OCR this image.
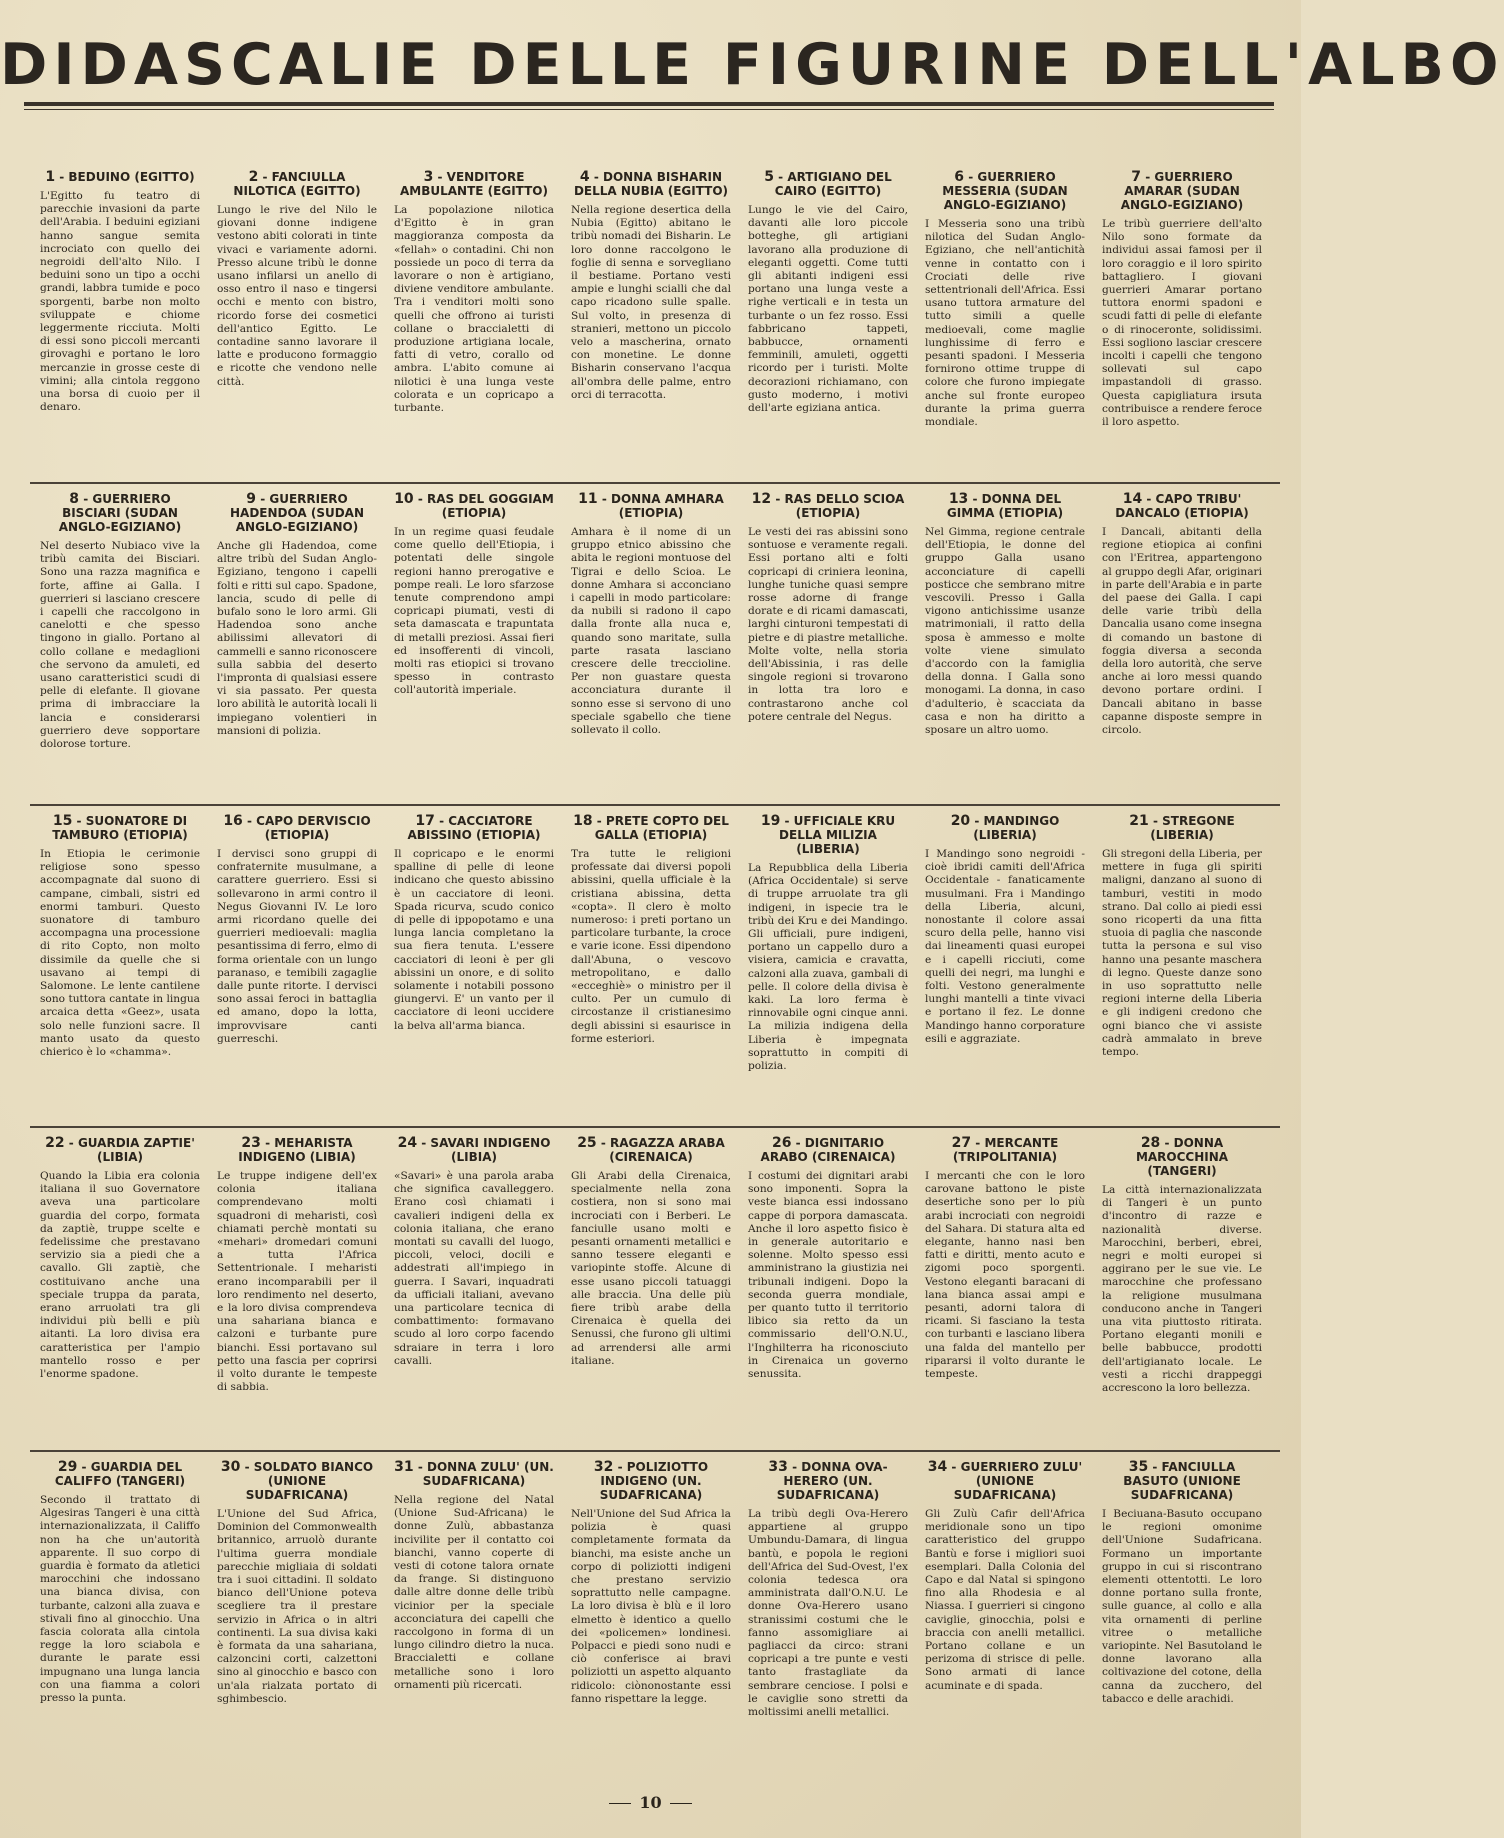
DIDASCALIE DELLE FIGURINE DELL'ALBO
1 - BEDUINO (EGITTO)
L'Egitto fu teatro di parecchie invasioni da parte dell'Arabia. I beduini egiziani hanno sangue semita incrociato con quello dei negroidi dell'alto Nilo. I beduini sono un tipo a occhi grandi, labbra tumide e poco sporgenti, barbe non molto sviluppate e chiome leggermente ricciuta. Molti di essi sono piccoli mercanti girovaghi e portano le loro mercanzie in grosse ceste di vimini; alla cintola reggono una borsa di cuoio per il denaro.
2 - FANCIULLA NILOTICA (EGITTO)
Lungo le rive del Nilo le giovani donne indigene vestono abiti colorati in tinte vivaci e variamente adorni. Presso alcune tribù le donne usano infilarsi un anello di osso entro il naso e tingersi occhi e mento con bistro, ricordo forse dei cosmetici dell'antico Egitto. Le contadine sanno lavorare il latte e producono formaggio e ricotte che vendono nelle città.
3 - VENDITORE AMBULANTE (EGITTO)
La popolazione nilotica d'Egitto è in gran maggioranza composta da «fellah» o contadini. Chi non possiede un poco di terra da lavorare o non è artigiano, diviene venditore ambulante. Tra i venditori molti sono quelli che offrono ai turisti collane o braccialetti di produzione artigiana locale, fatti di vetro, corallo od ambra. L'abito comune ai nilotici è una lunga veste colorata e un copricapo a turbante.
4 - DONNA BISHARIN DELLA NUBIA (EGITTO)
Nella regione desertica della Nubia (Egitto) abitano le tribù nomadi dei Bisharin. Le loro donne raccolgono le foglie di senna e sorvegliano il bestiame. Portano vesti ampie e lunghi scialli che dal capo ricadono sulle spalle. Sul volto, in presenza di stranieri, mettono un piccolo velo a mascherina, ornato con monetine. Le donne Bisharin conservano l'acqua all'ombra delle palme, entro orci di terracotta.
5 - ARTIGIANO DEL CAIRO (EGITTO)
Lungo le vie del Cairo, davanti alle loro piccole botteghe, gli artigiani lavorano alla produzione di eleganti oggetti. Come tutti gli abitanti indigeni essi portano una lunga veste a righe verticali e in testa un turbante o un fez rosso. Essi fabbricano tappeti, babbucce, ornamenti femminili, amuleti, oggetti ricordo per i turisti. Molte decorazioni richiamano, con gusto moderno, i motivi dell'arte egiziana antica.
6 - GUERRIERO MESSERIA (SUDAN ANGLO-EGIZIANO)
I Messeria sono una tribù nilotica del Sudan Anglo-Egiziano, che nell'antichità venne in contatto con i Crociati delle rive settentrionali dell'Africa. Essi usano tuttora armature del tutto simili a quelle medioevali, come maglie lunghissime di ferro e pesanti spadoni. I Messeria fornirono ottime truppe di colore che furono impiegate anche sul fronte europeo durante la prima guerra mondiale.
7 - GUERRIERO AMARAR (SUDAN ANGLO-EGIZIANO)
Le tribù guerriere dell'alto Nilo sono formate da individui assai famosi per il loro coraggio e il loro spirito battagliero. I giovani guerrieri Amarar portano tuttora enormi spadoni e scudi fatti di pelle di elefante o di rinoceronte, solidissimi. Essi sogliono lasciar crescere incolti i capelli che tengono sollevati sul capo impastandoli di grasso. Questa capigliatura irsuta contribuisce a rendere feroce il loro aspetto.
8 - GUERRIERO BISCIARI (SUDAN ANGLO-EGIZIANO)
Nel deserto Nubiaco vive la tribù camita dei Bisciari. Sono una razza magnifica e forte, affine ai Galla. I guerrieri si lasciano crescere i capelli che raccolgono in canelotti e che spesso tingono in giallo. Portano al collo collane e medaglioni che servono da amuleti, ed usano caratteristici scudi di pelle di elefante. Il giovane prima di imbracciare la lancia e considerarsi guerriero deve sopportare dolorose torture.
9 - GUERRIERO HADENDOA (SUDAN ANGLO-EGIZIANO)
Anche gli Hadendoa, come altre tribù del Sudan Anglo-Egiziano, tengono i capelli folti e ritti sul capo. Spadone, lancia, scudo di pelle di bufalo sono le loro armi. Gli Hadendoa sono anche abilissimi allevatori di cammelli e sanno riconoscere sulla sabbia del deserto l'impronta di qualsiasi essere vi sia passato. Per questa loro abilità le autorità locali li impiegano volentieri in mansioni di polizia.
10 - RAS DEL GOGGIAM (ETIOPIA)
In un regime quasi feudale come quello dell'Etiopia, i potentati delle singole regioni hanno prerogative e pompe reali. Le loro sfarzose tenute comprendono ampi copricapi piumati, vesti di seta damascata e trapuntata di metalli preziosi. Assai fieri ed insofferenti di vincoli, molti ras etiopici si trovano spesso in contrasto coll'autorità imperiale.
11 - DONNA AMHARA (ETIOPIA)
Amhara è il nome di un gruppo etnico abissino che abita le regioni montuose del Tigrai e dello Scioa. Le donne Amhara si acconciano i capelli in modo particolare: da nubili si radono il capo dalla fronte alla nuca e, quando sono maritate, sulla parte rasata lasciano crescere delle treccioline. Per non guastare questa acconciatura durante il sonno esse si servono di uno speciale sgabello che tiene sollevato il collo.
12 - RAS DELLO SCIOA (ETIOPIA)
Le vesti dei ras abissini sono sontuose e veramente regali. Essi portano alti e folti copricapi di criniera leonina, lunghe tuniche quasi sempre rosse adorne di frange dorate e di ricami damascati, larghi cinturoni tempestati di pietre e di piastre metalliche. Molte volte, nella storia dell'Abissinia, i ras delle singole regioni si trovarono in lotta tra loro e contrastarono anche col potere centrale del Negus.
13 - DONNA DEL GIMMA (ETIOPIA)
Nel Gimma, regione centrale dell'Etiopia, le donne del gruppo Galla usano acconciature di capelli posticce che sembrano mitre vescovili. Presso i Galla vigono antichissime usanze matrimoniali, il ratto della sposa è ammesso e molte volte viene simulato d'accordo con la famiglia della donna. I Galla sono monogami. La donna, in caso d'adulterio, è scacciata da casa e non ha diritto a sposare un altro uomo.
14 - CAPO TRIBU' DANCALO (ETIOPIA)
I Dancali, abitanti della regione etiopica ai confini con l'Eritrea, appartengono al gruppo degli Afar, originari in parte dell'Arabia e in parte del paese dei Galla. I capi delle varie tribù della Dancalia usano come insegna di comando un bastone di foggia diversa a seconda della loro autorità, che serve anche ai loro messi quando devono portare ordini. I Dancali abitano in basse capanne disposte sempre in circolo.
15 - SUONATORE DI TAMBURO (ETIOPIA)
In Etiopia le cerimonie religiose sono spesso accompagnate dal suono di campane, cimbali, sistri ed enormi tamburi. Questo suonatore di tamburo accompagna una processione di rito Copto, non molto dissimile da quelle che si usavano ai tempi di Salomone. Le lente cantilene sono tuttora cantate in lingua arcaica detta «Geez», usata solo nelle funzioni sacre. Il manto usato da questo chierico è lo «chamma».
16 - CAPO DERVISCIO (ETIOPIA)
I dervisci sono gruppi di confraternite musulmane, a carattere guerriero. Essi si sollevarono in armi contro il Negus Giovanni IV. Le loro armi ricordano quelle dei guerrieri medioevali: maglia pesantissima di ferro, elmo di forma orientale con un lungo paranaso, e temibili zagaglie dalle punte ritorte. I dervisci sono assai feroci in battaglia ed amano, dopo la lotta, improvvisare canti guerreschi.
17 - CACCIATORE ABISSINO (ETIOPIA)
Il copricapo e le enormi spalline di pelle di leone indicano che questo abissino è un cacciatore di leoni. Spada ricurva, scudo conico di pelle di ippopotamo e una lunga lancia completano la sua fiera tenuta. L'essere cacciatori di leoni è per gli abissini un onore, e di solito solamente i notabili possono giungervi. E' un vanto per il cacciatore di leoni uccidere la belva all'arma bianca.
18 - PRETE COPTO DEL GALLA (ETIOPIA)
Tra tutte le religioni professate dai diversi popoli abissini, quella ufficiale è la cristiana abissina, detta «copta». Il clero è molto numeroso: i preti portano un particolare turbante, la croce e varie icone. Essi dipendono dall'Abuna, o vescovo metropolitano, e dallo «ecceghiè» o ministro per il culto. Per un cumulo di circostanze il cristianesimo degli abissini si esaurisce in forme esteriori.
19 - UFFICIALE KRU DELLA MILIZIA (LIBERIA)
La Repubblica della Liberia (Africa Occidentale) si serve di truppe arruolate tra gli indigeni, in ispecie tra le tribù dei Kru e dei Mandingo. Gli ufficiali, pure indigeni, portano un cappello duro a visiera, camicia e cravatta, calzoni alla zuava, gambali di pelle. Il colore della divisa è kaki. La loro ferma è rinnovabile ogni cinque anni. La milizia indigena della Liberia è impegnata soprattutto in compiti di polizia.
20 - MANDINGO (LIBERIA)
I Mandingo sono negroidi - cioè ibridi camiti dell'Africa Occidentale - fanaticamente musulmani. Fra i Mandingo della Liberia, alcuni, nonostante il colore assai scuro della pelle, hanno visi dai lineamenti quasi europei e i capelli ricciuti, come quelli dei negri, ma lunghi e folti. Vestono generalmente lunghi mantelli a tinte vivaci e portano il fez. Le donne Mandingo hanno corporature esili e aggraziate.
21 - STREGONE (LIBERIA)
Gli stregoni della Liberia, per mettere in fuga gli spiriti maligni, danzano al suono di tamburi, vestiti in modo strano. Dal collo ai piedi essi sono ricoperti da una fitta stuoia di paglia che nasconde tutta la persona e sul viso hanno una pesante maschera di legno. Queste danze sono in uso soprattutto nelle regioni interne della Liberia e gli indigeni credono che ogni bianco che vi assiste cadrà ammalato in breve tempo.
22 - GUARDIA ZAPTIE' (LIBIA)
Quando la Libia era colonia italiana il suo Governatore aveva una particolare guardia del corpo, formata da zaptiè, truppe scelte e fedelissime che prestavano servizio sia a piedi che a cavallo. Gli zaptiè, che costituivano anche una speciale truppa da parata, erano arruolati tra gli individui più belli e più aitanti. La loro divisa era caratteristica per l'ampio mantello rosso e per l'enorme spadone.
23 - MEHARISTA INDIGENO (LIBIA)
Le truppe indigene dell'ex colonia italiana comprendevano molti squadroni di meharisti, così chiamati perchè montati su «mehari» dromedari comuni a tutta l'Africa Settentrionale. I meharisti erano incomparabili per il loro rendimento nel deserto, e la loro divisa comprendeva una sahariana bianca e calzoni e turbante pure bianchi. Essi portavano sul petto una fascia per coprirsi il volto durante le tempeste di sabbia.
24 - SAVARI INDIGENO (LIBIA)
«Savari» è una parola araba che significa cavalleggero. Erano così chiamati i cavalieri indigeni della ex colonia italiana, che erano montati su cavalli del luogo, piccoli, veloci, docili e addestrati all'impiego in guerra. I Savari, inquadrati da ufficiali italiani, avevano una particolare tecnica di combattimento: formavano scudo al loro corpo facendo sdraiare in terra i loro cavalli.
25 - RAGAZZA ARABA (CIRENAICA)
Gli Arabi della Cirenaica, specialmente nella zona costiera, non si sono mai incrociati con i Berberi. Le fanciulle usano molti e pesanti ornamenti metallici e sanno tessere eleganti e variopinte stoffe. Alcune di esse usano piccoli tatuaggi alle braccia. Una delle più fiere tribù arabe della Cirenaica è quella dei Senussi, che furono gli ultimi ad arrendersi alle armi italiane.
26 - DIGNITARIO ARABO (CIRENAICA)
I costumi dei dignitari arabi sono imponenti. Sopra la veste bianca essi indossano cappe di porpora damascata. Anche il loro aspetto fisico è in generale autoritario e solenne. Molto spesso essi amministrano la giustizia nei tribunali indigeni. Dopo la seconda guerra mondiale, per quanto tutto il territorio libico sia retto da un commissario dell'O.N.U., l'Inghilterra ha riconosciuto in Cirenaica un governo senussita.
27 - MERCANTE (TRIPOLITANIA)
I mercanti che con le loro carovane battono le piste desertiche sono per lo più arabi incrociati con negroidi del Sahara. Di statura alta ed elegante, hanno nasi ben fatti e diritti, mento acuto e zigomi poco sporgenti. Vestono eleganti baracani di lana bianca assai ampi e pesanti, adorni talora di ricami. Si fasciano la testa con turbanti e lasciano libera una falda del mantello per ripararsi il volto durante le tempeste.
28 - DONNA MAROCCHINA (TANGERI)
La città internazionalizzata di Tangeri è un punto d'incontro di razze e nazionalità diverse. Marocchini, berberi, ebrei, negri e molti europei si aggirano per le sue vie. Le marocchine che professano la religione musulmana conducono anche in Tangeri una vita piuttosto ritirata. Portano eleganti monili e belle babbucce, prodotti dell'artigianato locale. Le vesti a ricchi drappeggi accrescono la loro bellezza.
29 - GUARDIA DEL CALIFFO (TANGERI)
Secondo il trattato di Algesiras Tangeri è una città internazionalizzata, il Califfo non ha che un'autorità apparente. Il suo corpo di guardia è formato da atletici marocchini che indossano una bianca divisa, con turbante, calzoni alla zuava e stivali fino al ginocchio. Una fascia colorata alla cintola regge la loro sciabola e durante le parate essi impugnano una lunga lancia con una fiamma a colori presso la punta.
30 - SOLDATO BIANCO (UNIONE SUDAFRICANA)
L'Unione del Sud Africa, Dominion del Commonwealth britannico, arruolò durante l'ultima guerra mondiale parecchie migliaia di soldati tra i suoi cittadini. Il soldato bianco dell'Unione poteva scegliere tra il prestare servizio in Africa o in altri continenti. La sua divisa kaki è formata da una sahariana, calzoncini corti, calzettoni sino al ginocchio e basco con un'ala rialzata portato di sghimbescio.
31 - DONNA ZULU' (UN. SUDAFRICANA)
Nella regione del Natal (Unione Sud-Africana) le donne Zulù, abbastanza incivilite per il contatto coi bianchi, vanno coperte di vesti di cotone talora ornate da frange. Si distinguono dalle altre donne delle tribù vicinior per la speciale acconciatura dei capelli che raccolgono in forma di un lungo cilindro dietro la nuca. Braccialetti e collane metalliche sono i loro ornamenti più ricercati.
32 - POLIZIOTTO INDIGENO (UN. SUDAFRICANA)
Nell'Unione del Sud Africa la polizia è quasi completamente formata da bianchi, ma esiste anche un corpo di poliziotti indigeni che prestano servizio soprattutto nelle campagne. La loro divisa è blù e il loro elmetto è identico a quello dei «policemen» londinesi. Polpacci e piedi sono nudi e ciò conferisce ai bravi poliziotti un aspetto alquanto ridicolo: ciònonostante essi fanno rispettare la legge.
33 - DONNA OVA-HERERO (UN. SUDAFRICANA)
La tribù degli Ova-Herero appartiene al gruppo Umbundu-Damara, di lingua bantù, e popola le regioni dell'Africa del Sud-Ovest, l'ex colonia tedesca ora amministrata dall'O.N.U. Le donne Ova-Herero usano stranissimi costumi che le fanno assomigliare ai pagliacci da circo: strani copricapi a tre punte e vesti tanto frastagliate da sembrare cenciose. I polsi e le caviglie sono stretti da moltissimi anelli metallici.
34 - GUERRIERO ZULU' (UNIONE SUDAFRICANA)
Gli Zulù Cafir dell'Africa meridionale sono un tipo caratteristico del gruppo Bantù e forse i migliori suoi esemplari. Dalla Colonia del Capo e dal Natal si spingono fino alla Rhodesia e al Niassa. I guerrieri si cingono caviglie, ginocchia, polsi e braccia con anelli metallici. Portano collane e un perizoma di strisce di pelle. Sono armati di lance acuminate e di spada.
35 - FANCIULLA BASUTO (UNIONE SUDAFRICANA)
I Beciuana-Basuto occupano le regioni omonime dell'Unione Sudafricana. Formano un importante gruppo in cui si riscontrano elementi ottentotti. Le loro donne portano sulla fronte, sulle guance, al collo e alla vita ornamenti di perline vitree o metalliche variopinte. Nel Basutoland le donne lavorano alla coltivazione del cotone, della canna da zucchero, del tabacco e delle arachidi.
10
